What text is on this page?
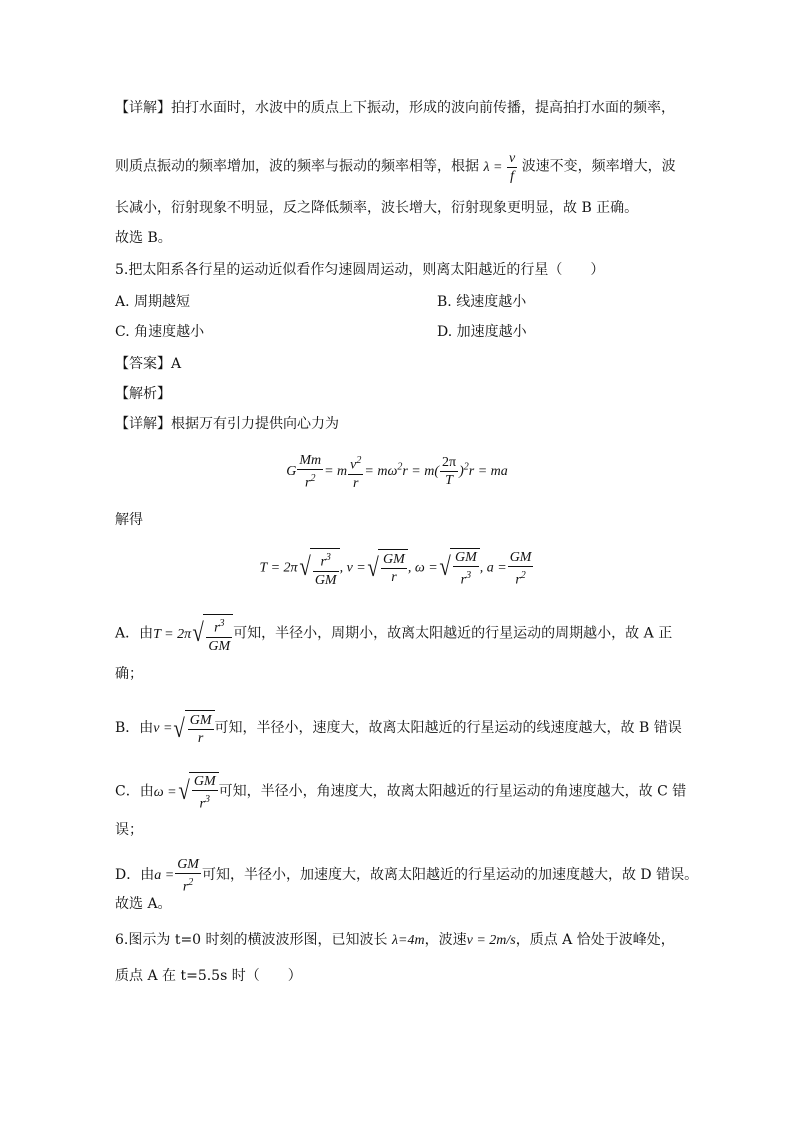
【详解】拍打水面时，水波中的质点上下振动，形成的波向前传播，提高拍打水面的频率，
则质点振动的频率增加，波的频率与振动的频率相等，根据 $\lambda = \frac{v}{f}$ 波速不变，频率增大，波
长减小，衍射现象不明显，反之降低频率，波长增大，衍射现象更明显，故 B 正确。
故选 B。
5.把太阳系各行星的运动近似看作匀速圆周运动，则离太阳越近的行星（　　）
A. 周期越短	B. 线速度越小
C. 角速度越小	D. 加速度越小
【答案】A
【解析】
【详解】根据万有引力提供向心力为
G $\frac{Mm}{r^2} = m \frac{v^2}{r} = m\omega^2r = m( \frac{2\pi}{T} )^2r$ = ma
解得
T = 2π √ $\frac{r^3}{GM}$ , v = √ $\frac{GM}{r}$ , ω = √ $\frac{GM}{r^3}$ , $a = \frac{GM}{r^2}$
A．由T = 2π √ $\frac{r^3}{GM}$ 可知，半径小，周期小，故离太阳越近的行星运动的周期越小，故 A 正
确；
B．由v = √ $\frac{GM}{r}$ 可知，半径小，速度大，故离太阳越近的行星运动的线速度越大，故 B 错误
C．由ω = √ $\frac{GM}{r^3}$ 可知，半径小，角速度大，故离太阳越近的行星运动的角速度越大，故 C 错
误；
D．由$a = \frac{GM}{r^2}$ 可知，半径小，加速度大，故离太阳越近的行星运动的加速度越大，故 D 错误。
故选 A。
6.图示为 t=0 时刻的横波波形图，已知波长 λ=4m，波速v = 2m/s，质点 A 恰处于波峰处，
质点 A 在 t=5.5s 时（　　）
